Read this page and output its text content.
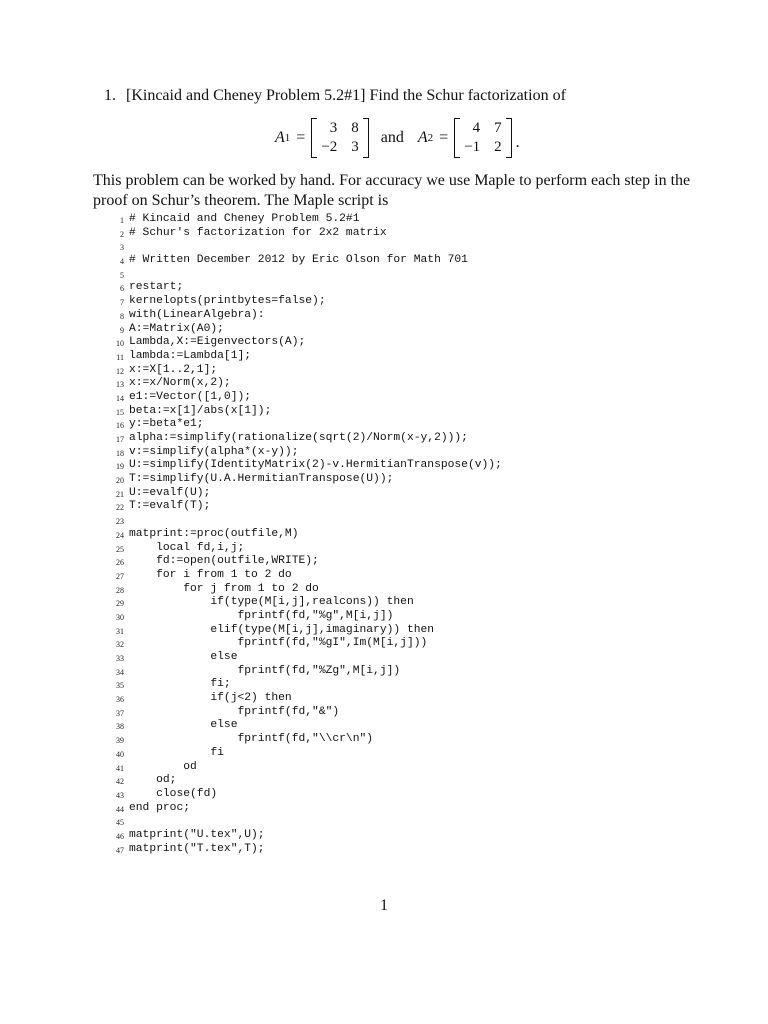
1. [Kincaid and Cheney Problem 5.2#1] Find the Schur factorization of
A 1 =
3 8
−2 3
and A 2 =
4 7
−1 2 .
This problem can be worked by hand. For accuracy we use Maple to perform each step in the proof on Schur’s theorem. The Maple script is
1 # Kincaid and Cheney Problem 5.2#1
2 # Schur's factorization for 2x2 matrix
3
4 # Written December 2012 by Eric Olson for Math 701
5
6 restart;
7 kernelopts(printbytes=false);
8 with(LinearAlgebra):
9 A:=Matrix(A0);
10 Lambda,X:=Eigenvectors(A);
11 lambda:=Lambda[1];
12 x:=X[1..2,1];
13 x:=x/Norm(x,2);
14 e1:=Vector([1,0]);
15 beta:=x[1]/abs(x[1]);
16 y:=beta*e1;
17 alpha:=simplify(rationalize(sqrt(2)/Norm(x-y,2)));
18 v:=simplify(alpha*(x-y));
19 U:=simplify(IdentityMatrix(2)-v.HermitianTranspose(v));
20 T:=simplify(U.A.HermitianTranspose(U));
21 U:=evalf(U);
22 T:=evalf(T);
23
24 matprint:=proc(outfile,M)
25 local fd,i,j;
26 fd:=open(outfile,WRITE);
27 for i from 1 to 2 do
28 for j from 1 to 2 do
29 if(type(M[i,j],realcons)) then
30 fprintf(fd,"%g",M[i,j])
31 elif(type(M[i,j],imaginary)) then
32 fprintf(fd,"%gI",Im(M[i,j]))
33 else
34 fprintf(fd,"%Zg",M[i,j])
35 fi;
36 if(j<2) then
37 fprintf(fd,"&")
38 else
39 fprintf(fd,"\\cr\n")
40 fi
41 od
42 od;
43 close(fd)
44 end proc;
45
46 matprint("U.tex",U);
47 matprint("T.tex",T);
1
